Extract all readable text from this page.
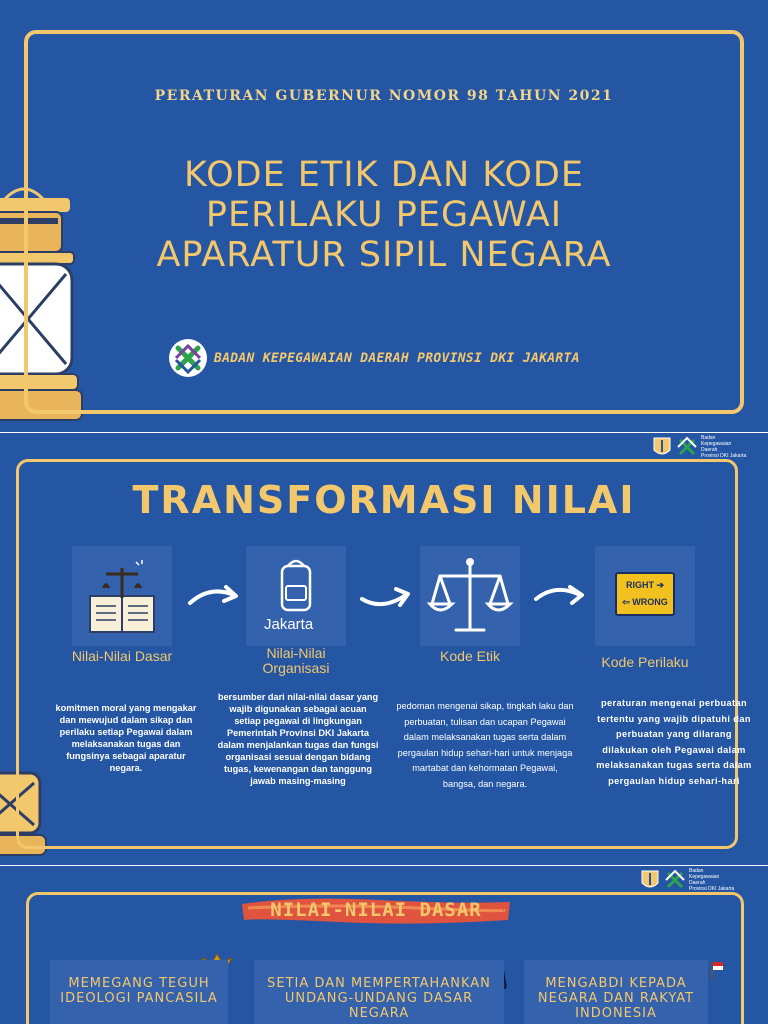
PERATURAN GUBERNUR NOMOR 98 TAHUN 2021
KODE ETIK DAN KODE
PERILAKU PEGAWAI
APARATUR SIPIL NEGARA
BADAN KEPEGAWAIAN DAERAH PROVINSI DKI JAKARTA
Badan
Kepegawaian
Daerah
Provinsi DKI Jakarta
TRANSFORMASI NILAI
Jakarta
RIGHT ➔
⇦ WRONG
Nilai-Nilai Dasar	Nilai-Nilai Organisasi
Kode Etik	Kode Perilaku
komitmen moral yang mengakar dan mewujud dalam sikap dan perilaku setiap Pegawai dalam melaksanakan tugas dan fungsinya sebagai aparatur negara.
bersumber dari nilai-nilai dasar yang wajib digunakan sebagai acuan setiap pegawai di lingkungan Pemerintah Provinsi DKI Jakarta dalam menjalankan tugas dan fungsi organisasi sesuai dengan bidang tugas, kewenangan dan tanggung jawab masing-masing
pedoman mengenai sikap, tingkah laku dan perbuatan, tulisan dan ucapan Pegawai dalam melaksanakan tugas serta dalam pergaulan hidup sehari-hari untuk menjaga martabat dan kehormatan Pegawai, bangsa, dan negara.
peraturan mengenai perbuatan tertentu yang wajib dipatuhi dan perbuatan yang dilarang dilakukan oleh Pegawai dalam melaksanakan tugas serta dalam pergaulan hidup sehari-hari
Badan
Kepegawaian
Daerah
Provinsi DKI Jakarta
NILAI-NILAI DASAR
MEMEGANG TEGUH IDEOLOGI PANCASILA
SETIA DAN MEMPERTAHANKAN UNDANG-UNDANG DASAR NEGARA
MENGABDI KEPADA NEGARA DAN RAKYAT INDONESIA
